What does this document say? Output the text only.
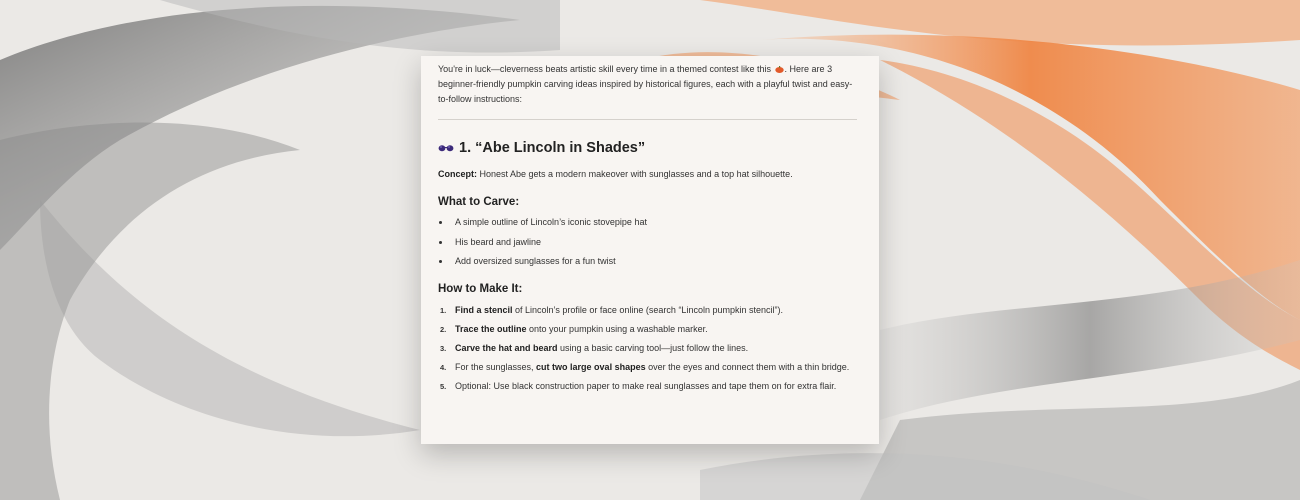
You're in luck—cleverness beats artistic skill every time in a themed contest like this . Here are 3 beginner-friendly pumpkin carving ideas inspired by historical figures, each with a playful twist and easy-to-follow instructions:

1. “Abe Lincoln in Shades”

Concept: Honest Abe gets a modern makeover with sunglasses and a top hat silhouette.

What to Carve:
A simple outline of Lincoln’s iconic stovepipe hat
His beard and jawline
Add oversized sunglasses for a fun twist
How to Make It:
1. Find a stencil of Lincoln’s profile or face online (search “Lincoln pumpkin stencil”).
2. Trace the outline onto your pumpkin using a washable marker.
3. Carve the hat and beard using a basic carving tool—just follow the lines.
4. For the sunglasses, cut two large oval shapes over the eyes and connect them with a thin bridge.
5. Optional: Use black construction paper to make real sunglasses and tape them on for extra flair.
